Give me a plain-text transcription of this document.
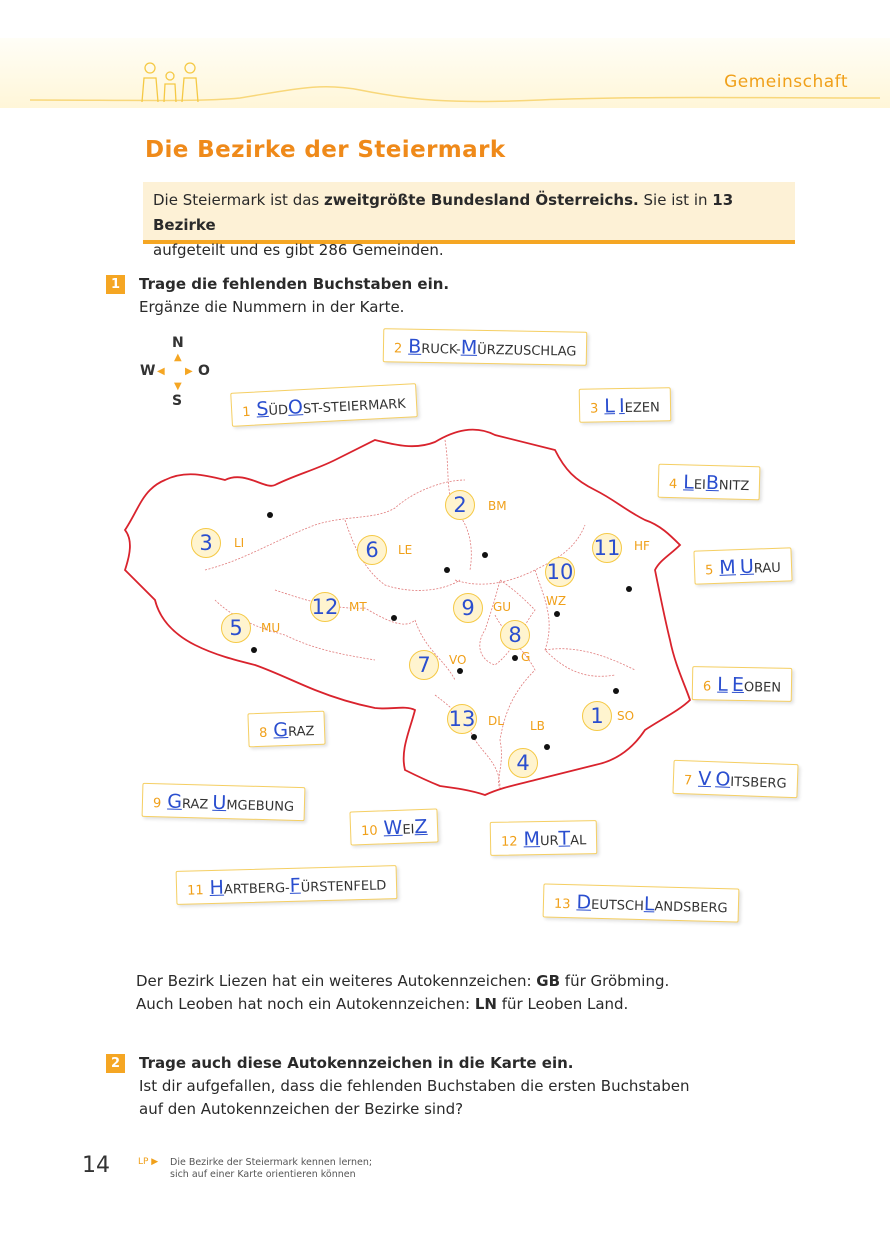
Gemeinschaft
Die Bezirke der Steiermark
Die Steiermark ist das zweitgrößte Bundesland Österreichs. Sie ist in 13 Bezirke
aufgeteilt und es gibt 286 Gemeinden.
1	Trage die fehlenden Buchstaben ein.
Ergänze die Nummern in der Karte.
N
▲
W ◀ ▶ O
▼
S
3	LI
2	BM
6	LE	11 HF
10
WZ
12 MT	9	GU
5	MU	8
G
7	VO
13 DL
4
LB	1	SO
1 SÜDOST-STEIERMARK
2 BRUCK-MÜRZZUSCHLAG
3 L IEZEN
4 LEIBNITZ
5 M URAU
6 L EOBEN
7 V OITSBERG
8 GRAZ
9 GRAZ UMGEBUNG
10 WEIZ
12 MURTAL
11 HARTBERG-FÜRSTENFELD
13 DEUTSCHLANDSBERG
Der Bezirk Liezen hat ein weiteres Autokennzeichen: GB für Gröbming.
Auch Leoben hat noch ein Autokennzeichen: LN für Leoben Land.
2	Trage auch diese Autokennzeichen in die Karte ein.
Ist dir aufgefallen, dass die fehlenden Buchstaben die ersten Buchstaben
auf den Autokennzeichen der Bezirke sind?
14	LP ▶ Die Bezirke der Steiermark kennen lernen;
sich auf einer Karte orientieren können
